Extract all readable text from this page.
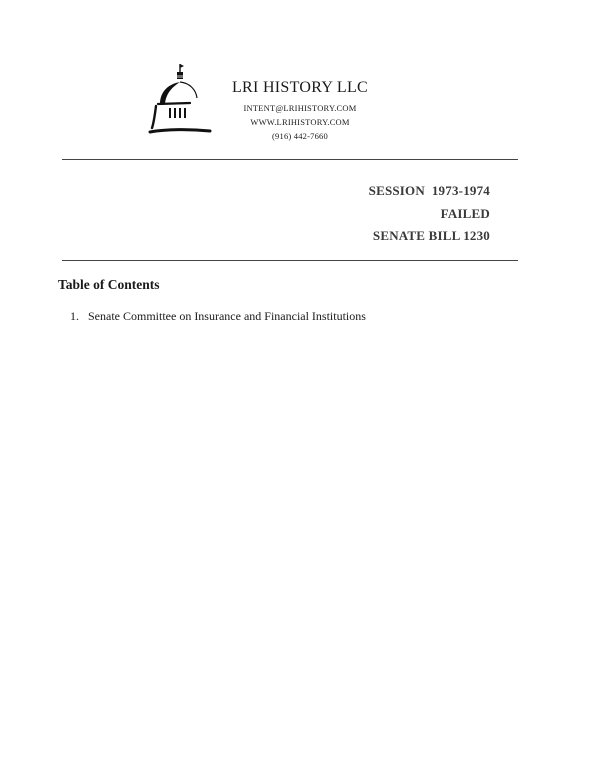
LRI HISTORY LLC
INTENT@LRIHISTORY.COM
WWW.LRIHISTORY.COM
(916) 442-7660
SESSION  1973-1974
FAILED
SENATE BILL 1230
Table of Contents
1. Senate Committee on Insurance and Financial Institutions
